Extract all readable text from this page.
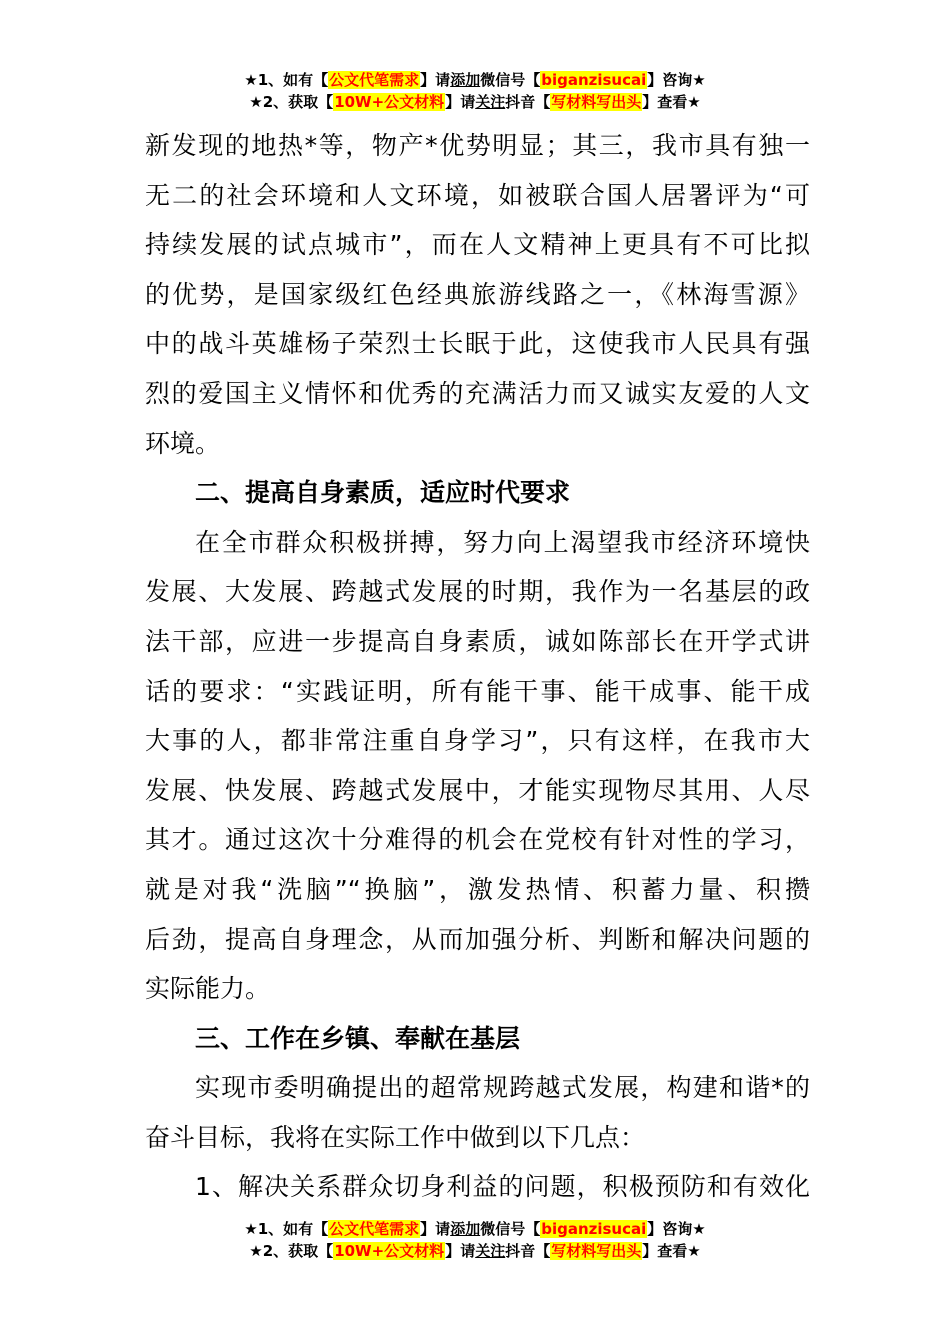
★1、如有【公文代笔需求】请添加微信号【biganzisucai】咨询★
★2、获取【10W+公文材料】请关注抖音【写材料写出头】查看★
新发现的地热*等，物产*优势明显；其三，我市具有独一
无二的社会环境和人文环境，如被联合国人居署评为“可
持续发展的试点城市”，而在人文精神上更具有不可比拟
的优势，是国家级红色经典旅游线路之一，《林海雪源》
中的战斗英雄杨子荣烈士长眠于此，这使我市人民具有强
烈的爱国主义情怀和优秀的充满活力而又诚实友爱的人文
环境。
二、提高自身素质，适应时代要求
在全市群众积极拼搏，努力向上渴望我市经济环境快
发展、大发展、跨越式发展的时期，我作为一名基层的政
法干部，应进一步提高自身素质，诚如陈部长在开学式讲
话的要求：“实践证明，所有能干事、能干成事、能干成
大事的人，都非常注重自身学习”，只有这样，在我市大
发展、快发展、跨越式发展中，才能实现物尽其用、人尽
其才。通过这次十分难得的机会在党校有针对性的学习，
就是对我“洗脑”“换脑”，激发热情、积蓄力量、积攒
后劲，提高自身理念，从而加强分析、判断和解决问题的
实际能力。
三、工作在乡镇、奉献在基层
实现市委明确提出的超常规跨越式发展，构建和谐*的
奋斗目标，我将在实际工作中做到以下几点：
1、解决关系群众切身利益的问题，积极预防和有效化
★1、如有【公文代笔需求】请添加微信号【biganzisucai】咨询★
★2、获取【10W+公文材料】请关注抖音【写材料写出头】查看★
